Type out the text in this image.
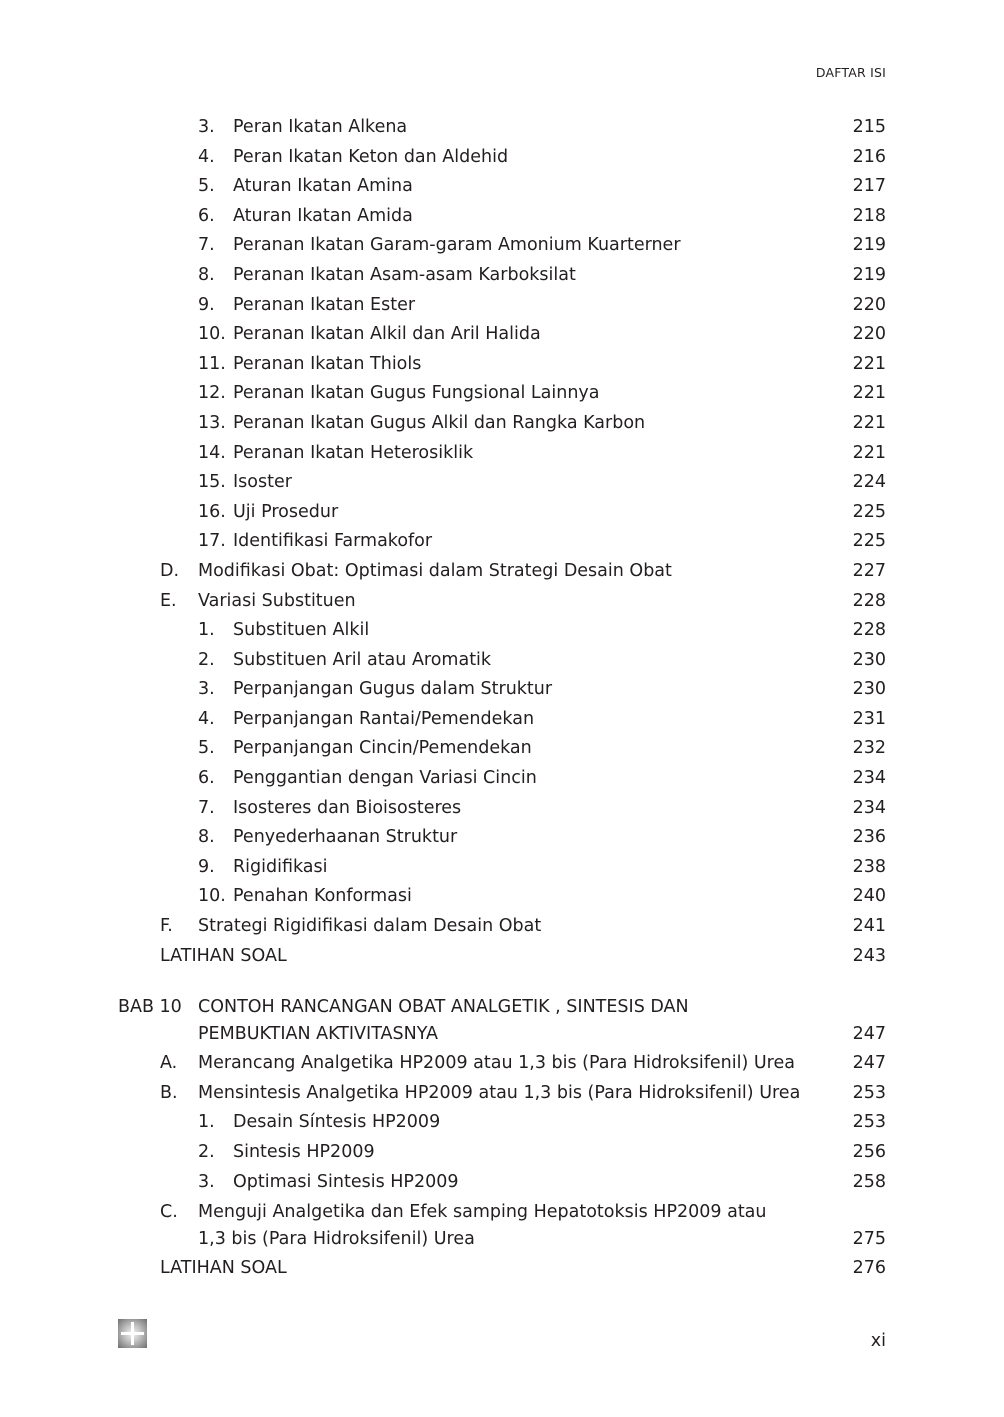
DAFTAR ISI
3. Peran Ikatan Alkena	215
4. Peran Ikatan Keton dan Aldehid	216
5. Aturan Ikatan Amina	217
6. Aturan Ikatan Amida	218
7. Peranan Ikatan Garam-garam Amonium Kuarterner	219
8. Peranan Ikatan Asam-asam Karboksilat	219
9. Peranan Ikatan Ester	220
10. Peranan Ikatan Alkil dan Aril Halida	220
11. Peranan Ikatan Thiols	221
12. Peranan Ikatan Gugus Fungsional Lainnya	221
13. Peranan Ikatan Gugus Alkil dan Rangka Karbon	221
14. Peranan Ikatan Heterosiklik	221
15. Isoster	224
16. Uji Prosedur	225
17. Identifikasi Farmakofor	225
D. Modifikasi Obat: Optimasi dalam Strategi Desain Obat	227
E. Variasi Substituen	228
1. Substituen Alkil	228
2. Substituen Aril atau Aromatik	230
3. Perpanjangan Gugus dalam Struktur	230
4. Perpanjangan Rantai/Pemendekan	231
5. Perpanjangan Cincin/Pemendekan	232
6. Penggantian dengan Variasi Cincin	234
7. Isosteres dan Bioisosteres	234
8. Penyederhaanan Struktur	236
9. Rigidifikasi	238
10. Penahan Konformasi	240
F. Strategi Rigidifikasi dalam Desain Obat	241
LATIHAN SOAL	243
BAB 10 CONTOH RANCANGAN OBAT ANALGETIK , SINTESIS DAN PEMBUKTIAN AKTIVITASNYA	247
A. Merancang Analgetika HP2009 atau 1,3 bis (Para Hidroksifenil) Urea	247
B. Mensintesis Analgetika HP2009 atau 1,3 bis (Para Hidroksifenil) Urea	253
1. Desain Síntesis HP2009	253
2. Sintesis HP2009	256
3. Optimasi Sintesis HP2009	258
C. Menguji Analgetika dan Efek samping Hepatotoksis HP2009 atau 1,3 bis (Para Hidroksifenil) Urea	275
LATIHAN SOAL	276
xi
